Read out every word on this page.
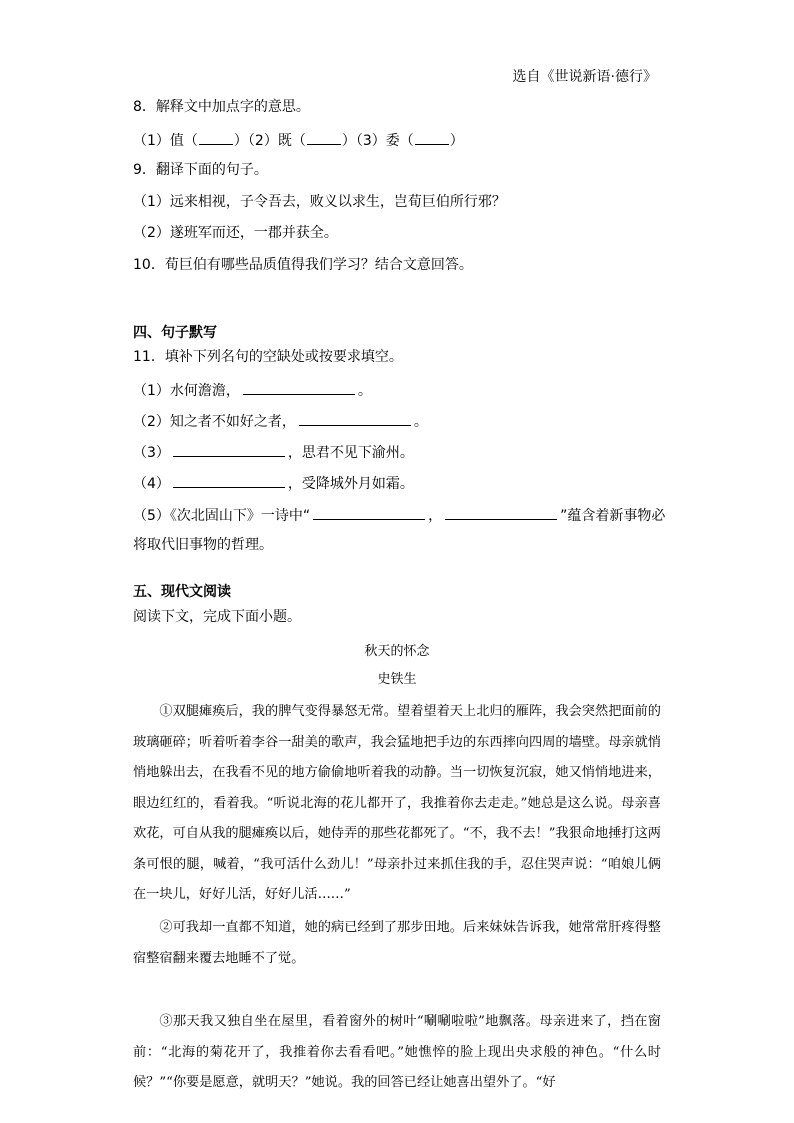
选自《世说新语·德行》
8．解释文中加点字的意思。
（1）值（	）（2）既（	）（3）委（	）
9．翻译下面的句子。
（1）远来相视，子令吾去，败义以求生，岂荀巨伯所行邪？
（2）遂班军而还，一郡并获全。
10．荀巨伯有哪些品质值得我们学习？结合文意回答。
四、句子默写
11．填补下列名句的空缺处或按要求填空。
（1）水何澹澹，	。
（2）知之者不如好之者，	。
（3）	，思君不见下渝州。
（4）	，受降城外月如霜。
（5）《次北固山下》一诗中“	，	”蕴含着新事物必
将取代旧事物的哲理。
五、现代文阅读
阅读下文，完成下面小题。
秋天的怀念
史铁生
①双腿瘫痪后，我的脾气变得暴怒无常。望着望着天上北归的雁阵，我会突然把面前的玻璃砸碎；听着听着李谷一甜美的歌声，我会猛地把手边的东西摔向四周的墙壁。母亲就悄悄地躲出去，在我看不见的地方偷偷地听着我的动静。当一切恢复沉寂，她又悄悄地进来，眼边红红的，看着我。“听说北海的花儿都开了，我推着你去走走。”她总是这么说。母亲喜欢花，可自从我的腿瘫痪以后，她侍弄的那些花都死了。“不，我不去！”我狠命地捶打这两条可恨的腿，喊着，“我可活什么劲儿！”母亲扑过来抓住我的手，忍住哭声说：“咱娘儿俩在一块儿，好好儿活，好好儿活……”
②可我却一直都不知道，她的病已经到了那步田地。后来妹妹告诉我，她常常肝疼得整宿整宿翻来覆去地睡不了觉。
③那天我又独自坐在屋里，看着窗外的树叶“唰唰啦啦”地飘落。母亲进来了，挡在窗前：“北海的菊花开了，我推着你去看看吧。”她憔悴的脸上现出央求般的神色。“什么时候？”“你要是愿意，就明天？”她说。我的回答已经让她喜出望外了。“好
